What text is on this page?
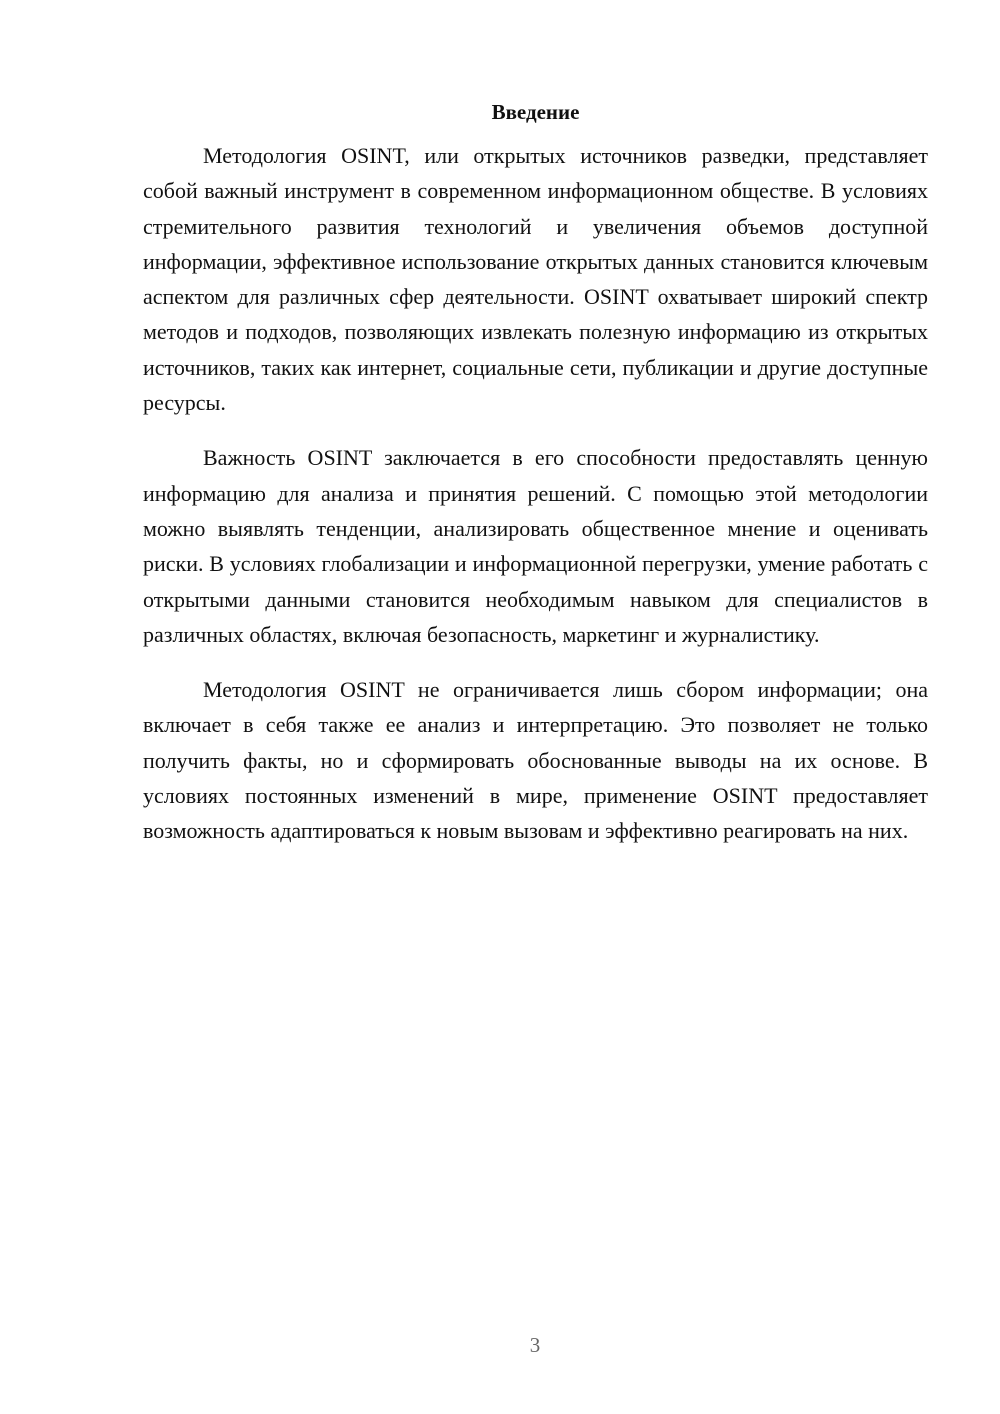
Введение

Методология OSINT, или открытых источников разведки, представляет собой важный инструмент в современном информационном обществе. В условиях стремительного развития технологий и увеличения объемов доступной информации, эффективное использование открытых данных становится ключевым аспектом для различных сфер деятельности. OSINT охватывает широкий спектр методов и подходов, позволяющих извлекать полезную информацию из открытых источников, таких как интернет, социальные сети, публикации и другие доступные ресурсы.

Важность OSINT заключается в его способности предоставлять ценную информацию для анализа и принятия решений. С помощью этой методологии можно выявлять тенденции, анализировать общественное мнение и оценивать риски. В условиях глобализации и информационной перегрузки, умение работать с открытыми данными становится необходимым навыком для специалистов в различных областях, включая безопасность, маркетинг и журналистику.

Методология OSINT не ограничивается лишь сбором информации; она включает в себя также ее анализ и интерпретацию. Это позволяет не только получить факты, но и сформировать обоснованные выводы на их основе. В условиях постоянных изменений в мире, применение OSINT предоставляет возможность адаптироваться к новым вызовам и эффективно реагировать на них.

3
